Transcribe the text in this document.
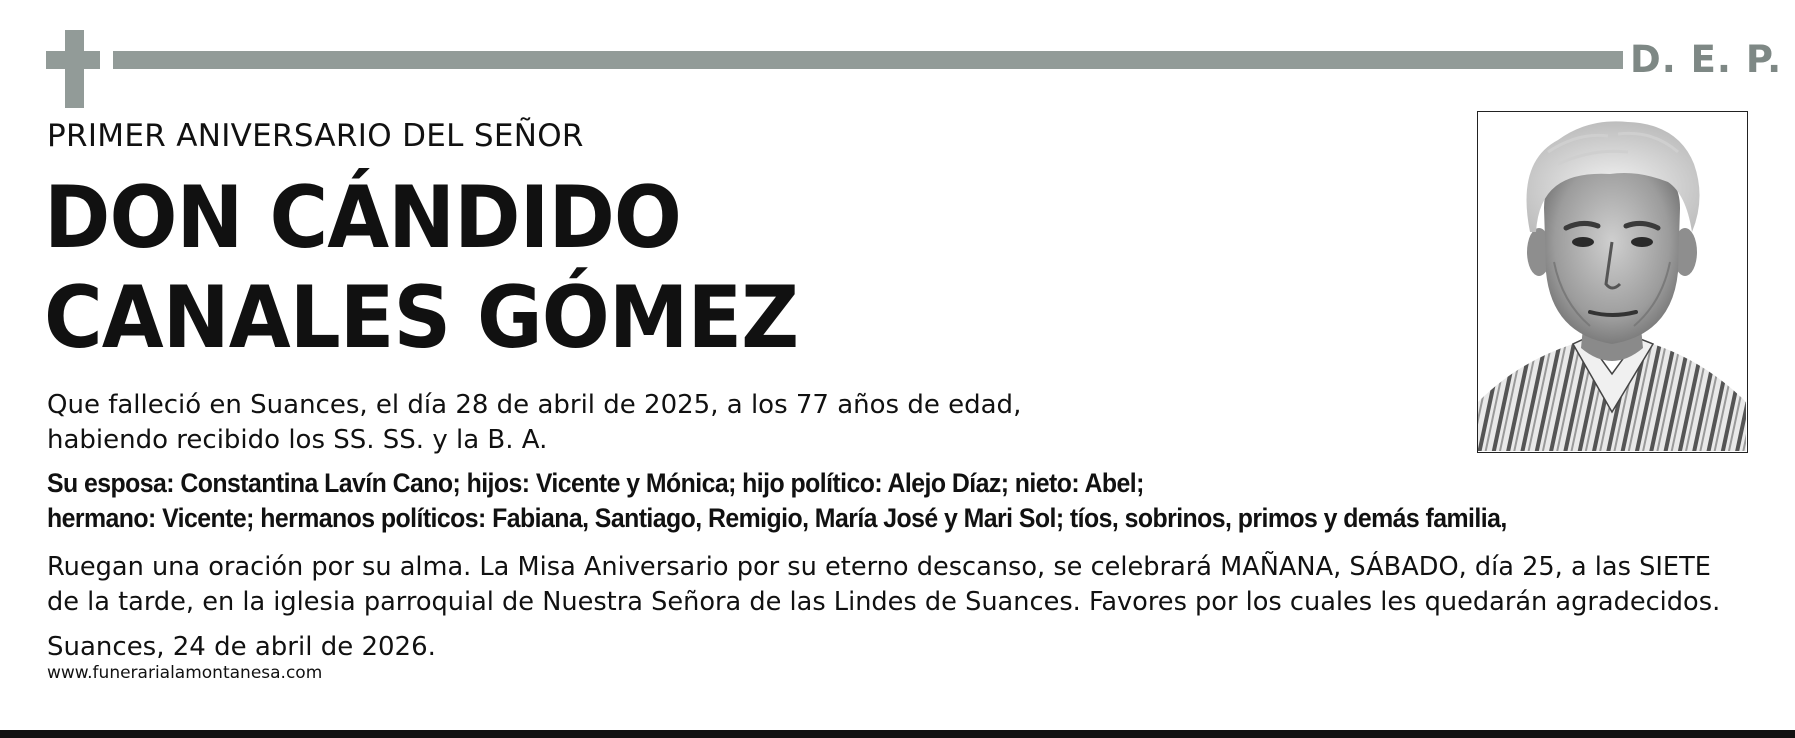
D. E. P.
PRIMER ANIVERSARIO DEL SEÑOR
DON CÁNDIDO
CANALES GÓMEZ
Que falleció en Suances, el día 28 de abril de 2025, a los 77 años de edad,
habiendo recibido los SS. SS. y la B. A.
Su esposa: Constantina Lavín Cano; hijos: Vicente y Mónica; hijo político: Alejo Díaz; nieto: Abel;
hermano: Vicente; hermanos políticos: Fabiana, Santiago, Remigio, María José y Mari Sol; tíos, sobrinos, primos y demás familia,
Ruegan una oración por su alma. La Misa Aniversario por su eterno descanso, se celebrará MAÑANA, SÁBADO, día 25, a las SIETE
de la tarde, en la iglesia parroquial de Nuestra Señora de las Lindes de Suances. Favores por los cuales les quedarán agradecidos.
Suances, 24 de abril de 2026.
www.funerarialamontanesa.com
